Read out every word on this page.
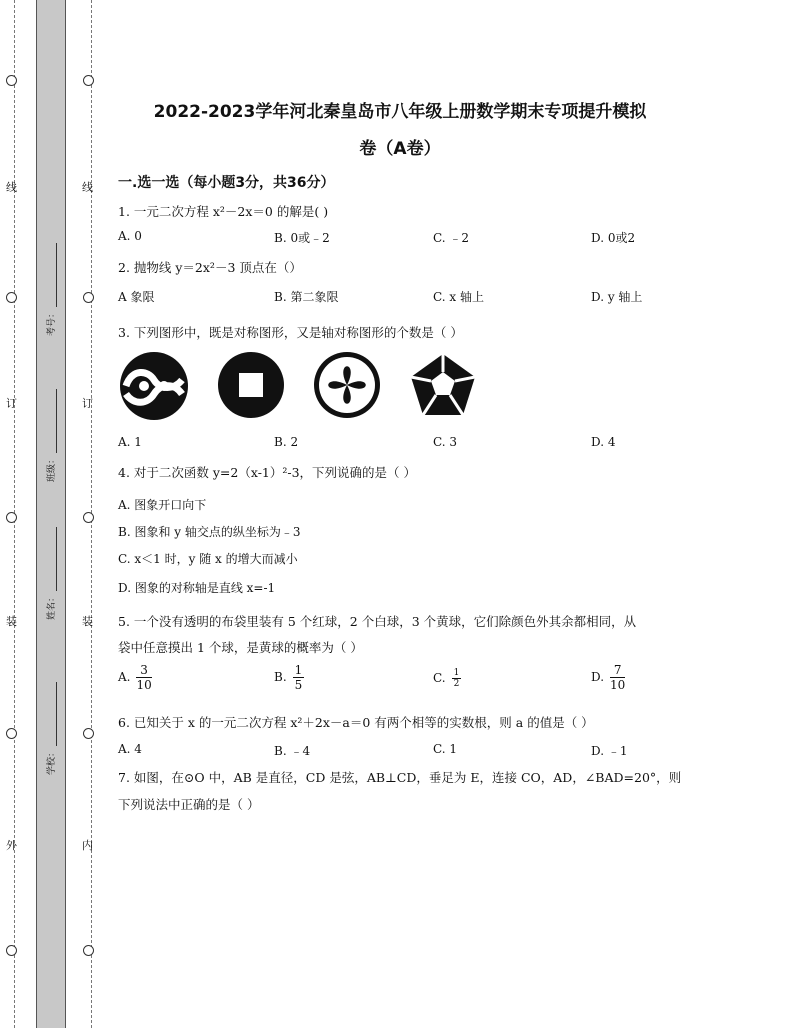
线
订
装
外
线
订
装
内
考号：
班级：
姓名：
学校：
2022-2023学年河北秦皇岛市八年级上册数学期末专项提升模拟
卷（A卷）
一.选一选（每小题3分，共36分）
1. 一元二次方程 x²－2x＝0 的解是( )
A. 0	B. 0或﹣2	C. ﹣2	D. 0或2
2. 抛物线 y＝2x²－3 顶点在（）
A 象限	B. 第二象限	C. x 轴上	D. y 轴上
3. 下列图形中，既是对称图形，又是轴对称图形的个数是（ ）
A. 1	B. 2	C. 3	D. 4
4. 对于二次函数 y=2（x-1）²-3，下列说确的是（ ）
A. 图象开口向下
B. 图象和 y 轴交点的纵坐标为﹣3
C. x＜1 时，y 随 x 的增大而减小
D. 图象的对称轴是直线 x=-1
5. 一个没有透明的布袋里装有 5 个红球，2 个白球，3 个黄球，它们除颜色外其余都相同，从
袋中任意摸出 1 个球，是黄球的概率为（ ）
A. $\frac{3}{10}$	B. $\frac{1}{5}$	C. $\frac{1}{2}$	D. $\frac{7}{10}$
6. 已知关于 x 的一元二次方程 x²＋2x－a＝0 有两个相等的实数根，则 a 的值是（ ）
A. 4	B. ﹣4	C. 1	D. ﹣1
7. 如图，在⊙O 中，AB 是直径，CD 是弦，AB⊥CD，垂足为 E，连接 CO，AD，∠BAD=20°，则
下列说法中正确的是（ ）
